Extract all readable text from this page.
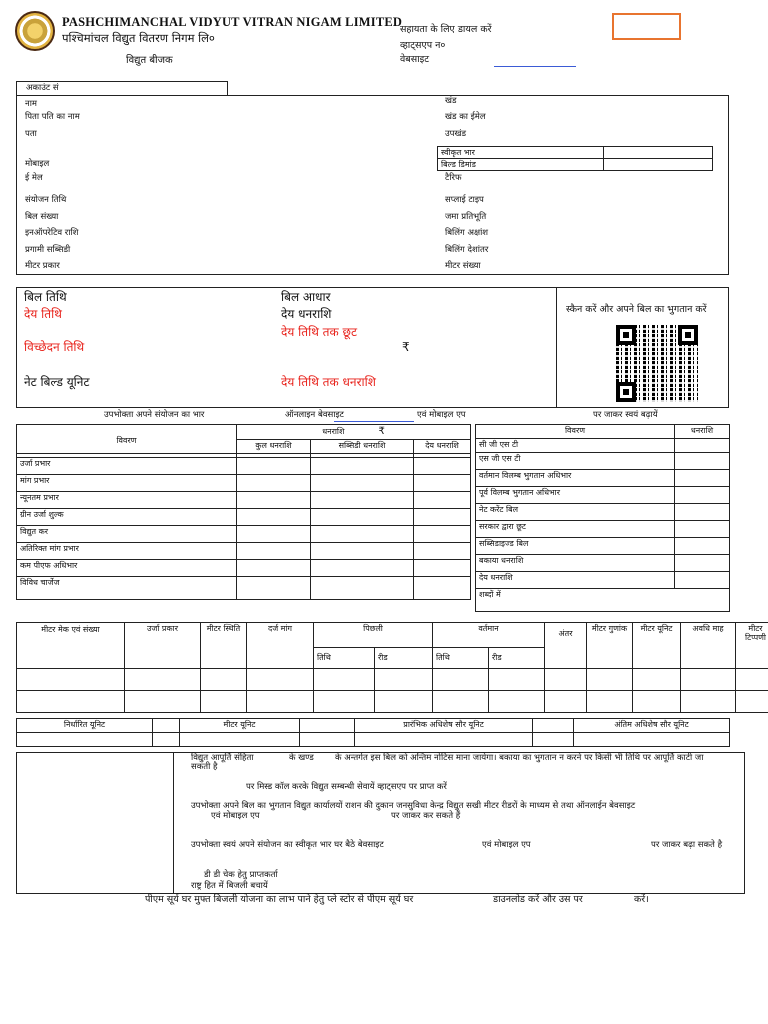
PASHCHIMANCHAL VIDYUT VITRAN NIGAM LIMITED
पश्चिमांचल विद्युत वितरण निगम लि०
विद्युत बीजक
सहायता के लिए डायल करें
व्हाट्सएप न०
वेबसाइट
अकाउंट सं
नाम
पिता पति का नाम
पता
मोबाइल
ई मेल
संयोजन तिथि
बिल संख्या
इनऑपरेटिव राशि
प्रगामी सब्सिडी
मीटर प्रकार
खंड
खंड का ईमेल
उपखंड
स्वीकृत भार	
बिल्ड डिमांड	
टैरिफ
सप्लाई टाइप
जमा प्रतिभूति
बिलिंग अक्षांश
बिलिंग देशांतर
मीटर संख्या
बिल तिथि
देय तिथि
विच्छेदन तिथि
नेट बिल्ड यूनिट
बिल आधार
देय धनराशि
देय तिथि तक छूट
₹
देय तिथि तक धनराशि
स्कैन करें और अपने बिल का भुगतान करें
उपभोक्ता अपने संयोजन का भार	ऑनलाइन बेवसाइट	एवं मोबाइल एप	पर जाकर स्वयं बढ़ायें
विवरण	धनराशि ₹		
	कुल धनराशि	सब्सिडी धनराशि	देय धनराशि

उर्जा प्रभार			
मांग प्रभार			
न्यूनतम प्रभार			
ग्रीन उर्जा शुल्क			
विद्युत कर			
अतिरिक्त मांग प्रभार			
कम पीएफ अधिभार			
विविध चार्जेज			
विवरण	धनराशि
सी जी एस टी	
एस जी एस टी	
वर्तमान विलम्ब भुगतान अधिभार	
पूर्व विलम्ब भुगतान अधिभार	
नेट करेंट बिल	
सरकार द्वारा छूट	
सब्सिडाइज्ड बिल	
बकाया धनराशि	
देय धनराशि	
शब्दों में	
मीटर मेक एवं संख्या	उर्जा प्रकार	मीटर स्थिति	दर्ज मांग	पिछली		वर्तमान		अंतर	मीटर गुणांक	मीटर यूनिट	अवधि माह	मीटर टिप्पणी
				तिथि	रीड	तिथि	रीड					

निर्धारित यूनिट		मीटर यूनिट		प्रारंभिक अधिशेष सौर यूनिट		अंतिम अधिशेष सौर यूनिट

विद्युत आपूर्ति संहिता	के खण्ड के अन्तर्गत इस बिल को अन्तिम नोटिस माना जायेगा। बकाया का भुगतान न करने पर किसी भी तिथि पर आपूर्ति काटी जा
सकती है
पर मिस्ड कॉल करके विद्युत सम्बन्धी सेवायें व्हाट्सएप पर प्राप्त करें
उपभोक्ता अपने बिल का भुगतान विद्युत कार्यालयों राशन की दुकान जनसुविधा केन्द्र विद्युत सखी मीटर रीडरों के माध्यम से तथा ऑनलाईन बेवसाइट
एवं मोबाइल एप	पर जाकर कर सकते हैं
उपभोक्ता स्वयं अपने संयोजन का स्वीकृत भार घर बैठे बेवसाइट	एवं मोबाइल एप	पर जाकर बढ़ा सकते है
डी डी चेक हेतु प्राप्तकर्ता
राष्ट्र हित में बिजली बचायें
पीएम सूर्य घर मुफ्त बिजली योजना का लाभ पाने हेतु प्ले स्टोर से पीएम सूर्य घर	डाउनलोड करें और उस पर	करें।
